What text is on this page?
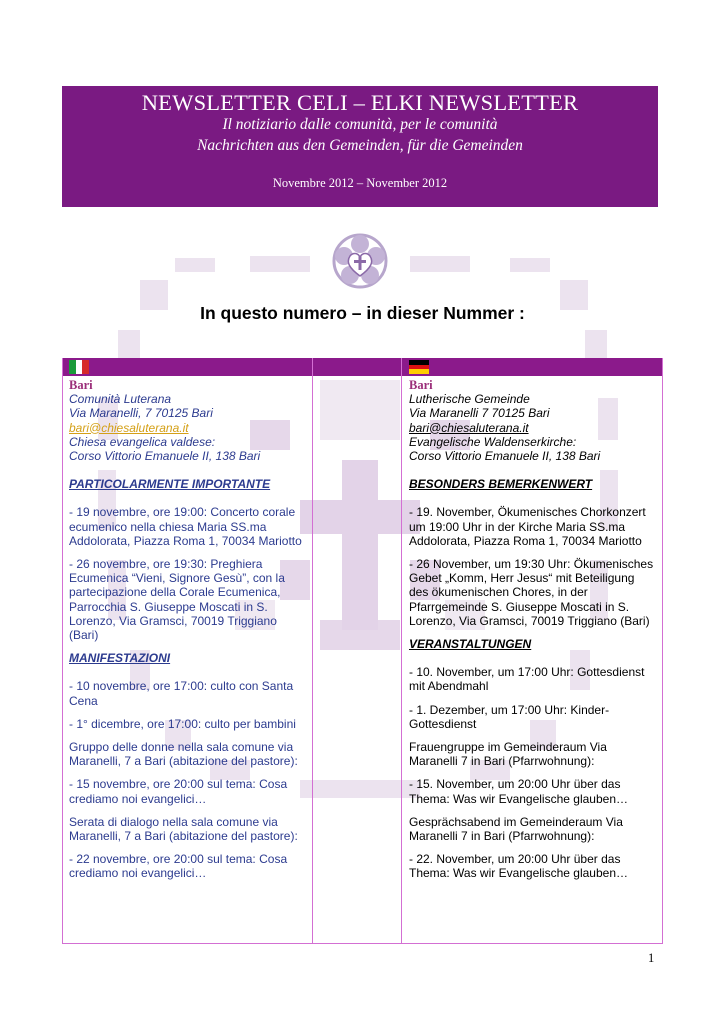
NEWSLETTER CELI – ELKI NEWSLETTER
Il notiziario dalle comunità, per le comunità
Nachrichten aus den Gemeinden, für die Gemeinden
Novembre 2012 – November 2012
In questo numero – in dieser Nummer :
Bari
Comunità Luterana
Via Maranelli, 7 70125 Bari
bari@chiesaluterana.it
Chiesa evangelica valdese:
Corso Vittorio Emanuele II, 138 Bari
PARTICOLARMENTE IMPORTANTE
- 19 novembre, ore 19:00: Concerto corale ecumenico nella chiesa Maria SS.ma Addolorata, Piazza Roma 1, 70034 Mariotto
- 26 novembre, ore 19:30: Preghiera Ecumenica “Vieni, Signore Gesù”, con la partecipazione della Corale Ecumenica, Parrocchia S. Giuseppe Moscati in S. Lorenzo, Via Gramsci, 70019 Triggiano (Bari)
MANIFESTAZIONI
- 10 novembre, ore 17:00: culto con Santa Cena
- 1° dicembre, ore 17:00: culto per bambini
Gruppo delle donne nella sala comune via Maranelli, 7 a Bari (abitazione del pastore):
- 15 novembre, ore 20:00 sul tema: Cosa crediamo noi evangelici…
Serata di dialogo nella sala comune via Maranelli, 7 a Bari (abitazione del pastore):
- 22 novembre, ore 20:00 sul tema: Cosa crediamo noi evangelici…
Bari
Lutherische Gemeinde
Via Maranelli 7 70125 Bari
bari@chiesaluterana.it
Evangelische Waldenserkirche:
Corso Vittorio Emanuele II, 138 Bari
BESONDERS BEMERKENWERT
- 19. November, Ökumenisches Chorkonzert um 19:00 Uhr in der Kirche Maria SS.ma Addolorata, Piazza Roma 1, 70034 Mariotto
- 26 November, um 19:30 Uhr: Ökumenisches Gebet „Komm, Herr Jesus“ mit Beteiligung des ökumenischen Chores, in der Pfarrgemeinde S. Giuseppe Moscati in S. Lorenzo, Via Gramsci, 70019 Triggiano (Bari)
VERANSTALTUNGEN
- 10. November, um 17:00 Uhr: Gottesdienst mit Abendmahl
- 1. Dezember, um 17:00 Uhr: Kinder-Gottesdienst
Frauengruppe im Gemeinderaum Via Maranelli 7 in Bari (Pfarrwohnung):
- 15. November, um 20:00 Uhr über das Thema: Was wir Evangelische glauben…
Gesprächsabend im Gemeinderaum Via Maranelli 7 in Bari (Pfarrwohnung):
- 22. November, um 20:00 Uhr über das Thema: Was wir Evangelische glauben…
1
